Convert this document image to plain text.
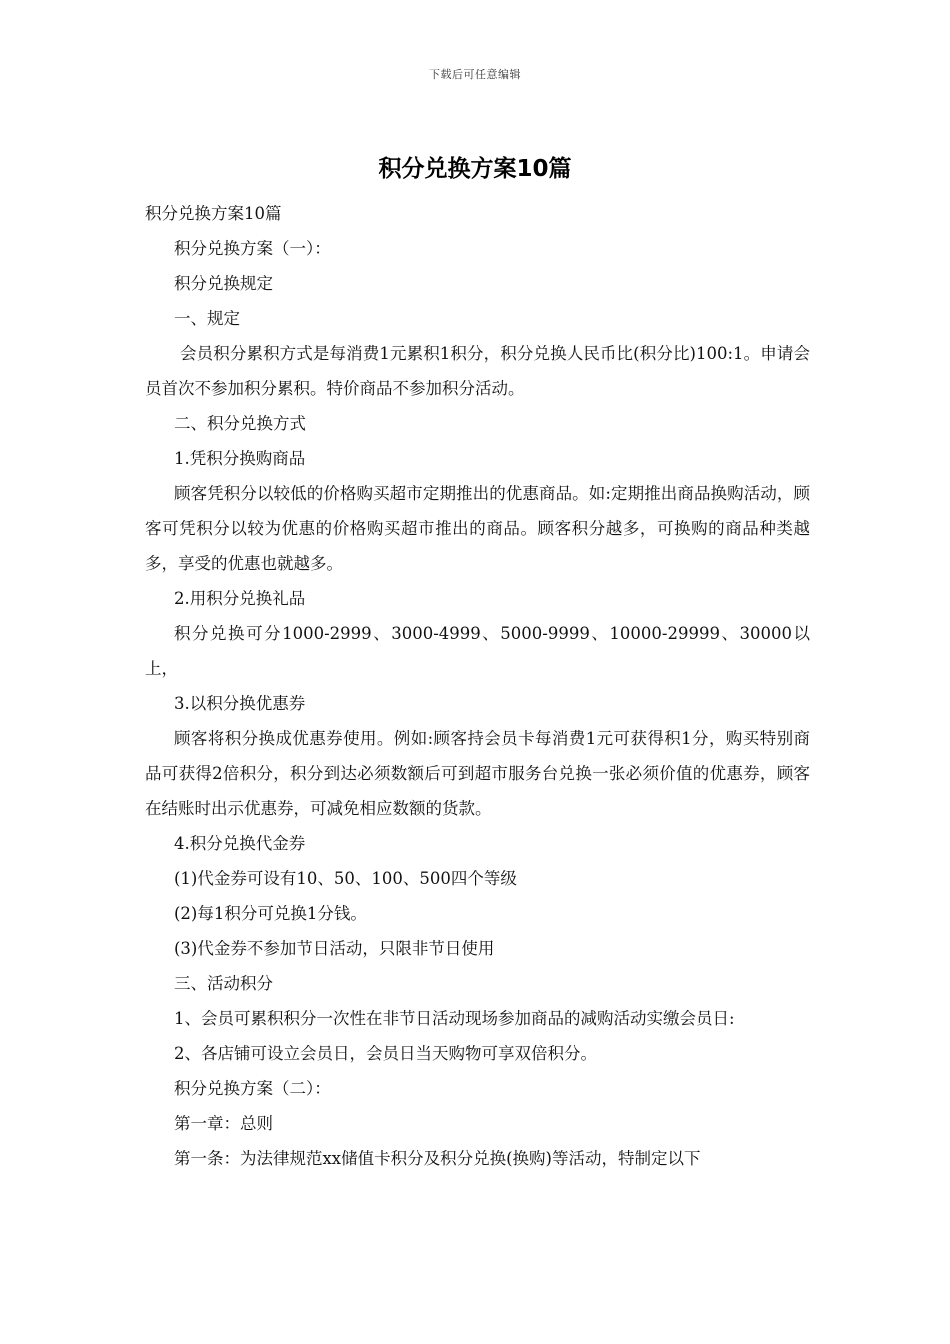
下载后可任意编辑
积分兑换方案10篇

积分兑换方案10篇

积分兑换方案（一）：

积分兑换规定

一、规定

会员积分累积方式是每消费1元累积1积分，积分兑换人民币比(积分比)100:1。申请会员首次不参加积分累积。特价商品不参加积分活动。

二、积分兑换方式

1.凭积分换购商品

顾客凭积分以较低的价格购买超市定期推出的优惠商品。如:定期推出商品换购活动，顾客可凭积分以较为优惠的价格购买超市推出的商品。顾客积分越多，可换购的商品种类越多，享受的优惠也就越多。

2.用积分兑换礼品

积分兑换可分1000-2999、3000-4999、5000-9999、10000-29999、30000以上，

3.以积分换优惠券

顾客将积分换成优惠券使用。例如:顾客持会员卡每消费1元可获得积1分，购买特别商品可获得2倍积分，积分到达必须数额后可到超市服务台兑换一张必须价值的优惠券，顾客在结账时出示优惠券，可减免相应数额的货款。

4.积分兑换代金券

(1)代金券可设有10、50、100、500四个等级

(2)每1积分可兑换1分钱。

(3)代金券不参加节日活动，只限非节日使用

三、活动积分

1、会员可累积积分一次性在非节日活动现场参加商品的减购活动实缴会员日:

2、各店铺可设立会员日，会员日当天购物可享双倍积分。

积分兑换方案（二）：

第一章：总则

第一条：为法律规范xx储值卡积分及积分兑换(换购)等活动，特制定以下
